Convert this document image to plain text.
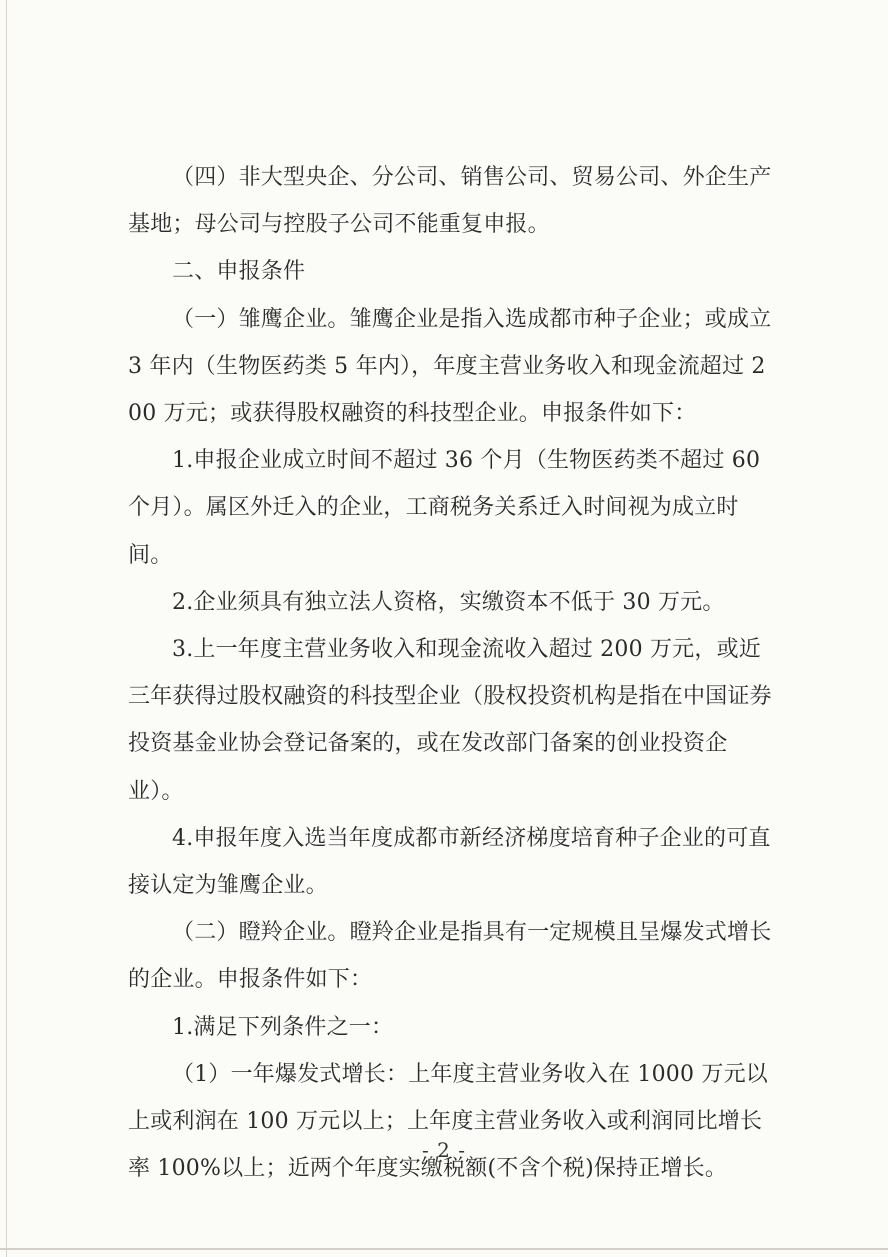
（四）非大型央企、分公司、销售公司、贸易公司、外企生产基地；母公司与控股子公司不能重复申报。

二、申报条件

（一）雏鹰企业。雏鹰企业是指入选成都市种子企业；或成立 3 年内（生物医药类 5 年内），年度主营业务收入和现金流超过 200 万元；或获得股权融资的科技型企业。申报条件如下：

1.申报企业成立时间不超过 36 个月（生物医药类不超过 60 个月）。属区外迁入的企业，工商税务关系迁入时间视为成立时间。

2.企业须具有独立法人资格，实缴资本不低于 30 万元。

3.上一年度主营业务收入和现金流收入超过 200 万元，或近三年获得过股权融资的科技型企业（股权投资机构是指在中国证券投资基金业协会登记备案的，或在发改部门备案的创业投资企业）。

4.申报年度入选当年度成都市新经济梯度培育种子企业的可直接认定为雏鹰企业。

（二）瞪羚企业。瞪羚企业是指具有一定规模且呈爆发式增长的企业。申报条件如下：

1.满足下列条件之一：

（1）一年爆发式增长：上年度主营业务收入在 1000 万元以上或利润在 100 万元以上；上年度主营业务收入或利润同比增长率 100%以上；近两个年度实缴税额(不含个税)保持正增长。

- 2 -
